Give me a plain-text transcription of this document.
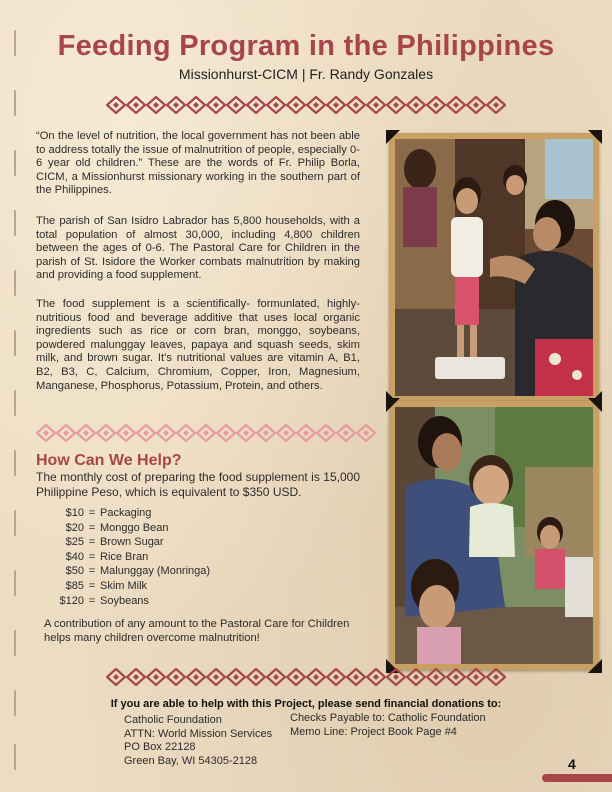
Feeding Program in the Philippines
Missionhurst-CICM | Fr. Randy Gonzales
“On the level of nutrition, the local government has not been able to address totally the issue of malnutrition of people, especially 0-6 year old children.” These are the words of Fr. Philip Borla, CICM, a Missionhurst missionary working in the southern part of the Philippines.
The parish of San Isidro Labrador has 5,800 households, with a total population of almost 30,000, including 4,800 children between the ages of 0-6. The Pastoral Care for Children in the parish of St. Isidore the Worker combats malnutrition by making and providing a food supplement.
The food supplement is a scientifically- formunlated, highly-nutritious food and beverage additive that uses local organic ingredients such as rice or corn bran, monggo, soybeans, powdered malunggay leaves, papaya and squash seeds, skim milk, and brown sugar. It’s nutritional values are vitamin A, B1, B2, B3, C, Calcium, Chromium, Copper, Iron, Magnesium, Manganese, Phosphorus, Potassium, Protein, and others.
How Can We Help?
The monthly cost of preparing the food supplement is 15,000 Philippine Peso, which is equivalent to $350 USD.
$10 = Packaging
$20 = Monggo Bean
$25 = Brown Sugar
$40 = Rice Bran
$50 = Malunggay (Monringa)
$85 = Skim Milk
$120 = Soybeans
A contribution of any amount to the Pastoral Care for Children helps many children overcome malnutrition!
If you are able to help with this Project, please send financial donations to:
Catholic Foundation
ATTN: World Mission Services
PO Box 22128
Green Bay, WI 54305-2128
Checks Payable to: Catholic Foundation
Memo Line: Project Book Page #4
4
